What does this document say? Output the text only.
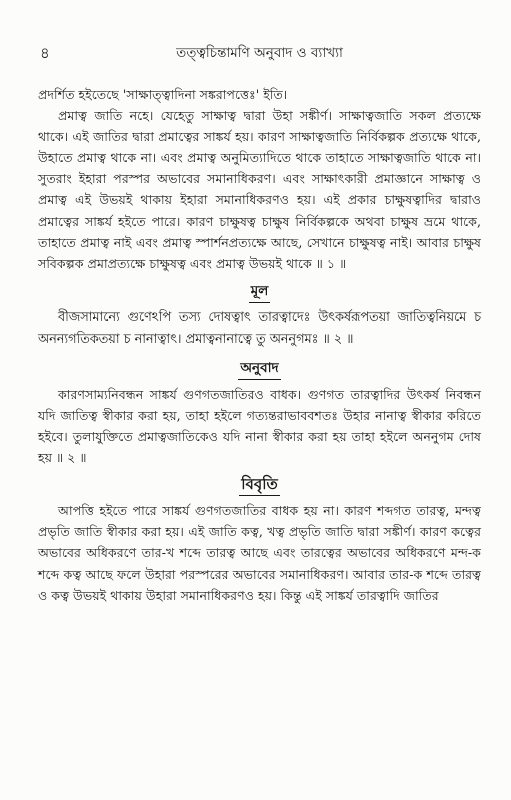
৪	তত্ত্বচিন্তামণি অনুবাদ ও ব্যাখ্যা

প্রদর্শিত হইতেছে 'সাক্ষাত্ত্বাদিনা সঙ্করাপত্তেঃ' ইতি।

প্রমাত্ব জাতি নহে। যেহেতু সাক্ষাত্ব দ্বারা উহা সঙ্কীর্ণ। সাক্ষাত্বজাতি সকল প্রত্যক্ষে থাকে। এই জাতির দ্বারা প্রমাত্বের সাঙ্কর্য হয়। কারণ সাক্ষাত্বজাতি নির্বিকল্পক প্রত্যক্ষে থাকে, উহাতে প্রমাত্ব থাকে না। এবং প্রমাত্ব অনুমিত্যাদিতে থাকে তাহাতে সাক্ষাত্বজাতি থাকে না। সুতরাং ইহারা পরস্পর অভাবের সমানাধিকরণ। এবং সাক্ষাৎকারী প্রমাজ্ঞানে সাক্ষাত্ব ও প্রমাত্ব এই উভয়ই থাকায় ইহারা সমানাধিকরণও হয়। এই প্রকার চাক্ষুষত্বাদির দ্বারাও প্রমাত্বের সাঙ্কর্য হইতে পারে। কারণ চাক্ষুষত্ব চাক্ষুষ নির্বিকল্পকে অথবা চাক্ষুষ ভ্রমে থাকে, তাহাতে প্রমাত্ব নাই এবং প্রমাত্ব স্পার্শনপ্রত্যক্ষে আছে, সেখানে চাক্ষুষত্ব নাই। আবার চাক্ষুষ সবিকল্পক প্রমাপ্রত্যক্ষে চাক্ষুষত্ব এবং প্রমাত্ব উভয়ই থাকে ॥ ১ ॥

মূল

বীজসামান্যে গুণেঽপি তস্য দোষত্বাৎ তারত্বাদেঃ উৎকর্ষরূপতয়া জাতিত্বনিয়মে চ অনন্যগতিকতয়া চ নানাত্বাৎ। প্রমাত্বনানাত্বে তু অননুগমঃ ॥ ২ ॥

অনুবাদ

কারণসাম্যনিবন্ধন সাঙ্কর্য গুণগতজাতিরও বাধক। গুণগত তারত্বাদির উৎকর্ষ নিবন্ধন যদি জাতিত্ব স্বীকার করা হয়, তাহা হইলে গত্যন্তরাভাববশতঃ উহার নানাত্ব স্বীকার করিতে হইবে। তুলাযুক্তিতে প্রমাত্বজাতিকেও যদি নানা স্বীকার করা হয় তাহা হইলে অননুগম দোষ হয় ॥ ২ ॥

বিবৃতি

আপত্তি হইতে পারে সাঙ্কর্য গুণগতজাতির বাধক হয় না। কারণ শব্দগত তারত্ব, মন্দত্ব প্রভৃতি জাতি স্বীকার করা হয়। এই জাতি কত্ব, খত্ব প্রভৃতি জাতি দ্বারা সঙ্কীর্ণ। কারণ কত্বের অভাবের অধিকরণে তার-খ শব্দে তারত্ব আছে এবং তারত্বের অভাবের অধিকরণে মন্দ-ক শব্দে কত্ব আছে ফলে উহারা পরস্পরের অভাবের সমানাধিকরণ। আবার তার-ক শব্দে তারত্ব ও কত্ব উভয়ই থাকায় উহারা সমানাধিকরণও হয়। কিন্তু এই সাঙ্কর্য তারত্বাদি জাতির
